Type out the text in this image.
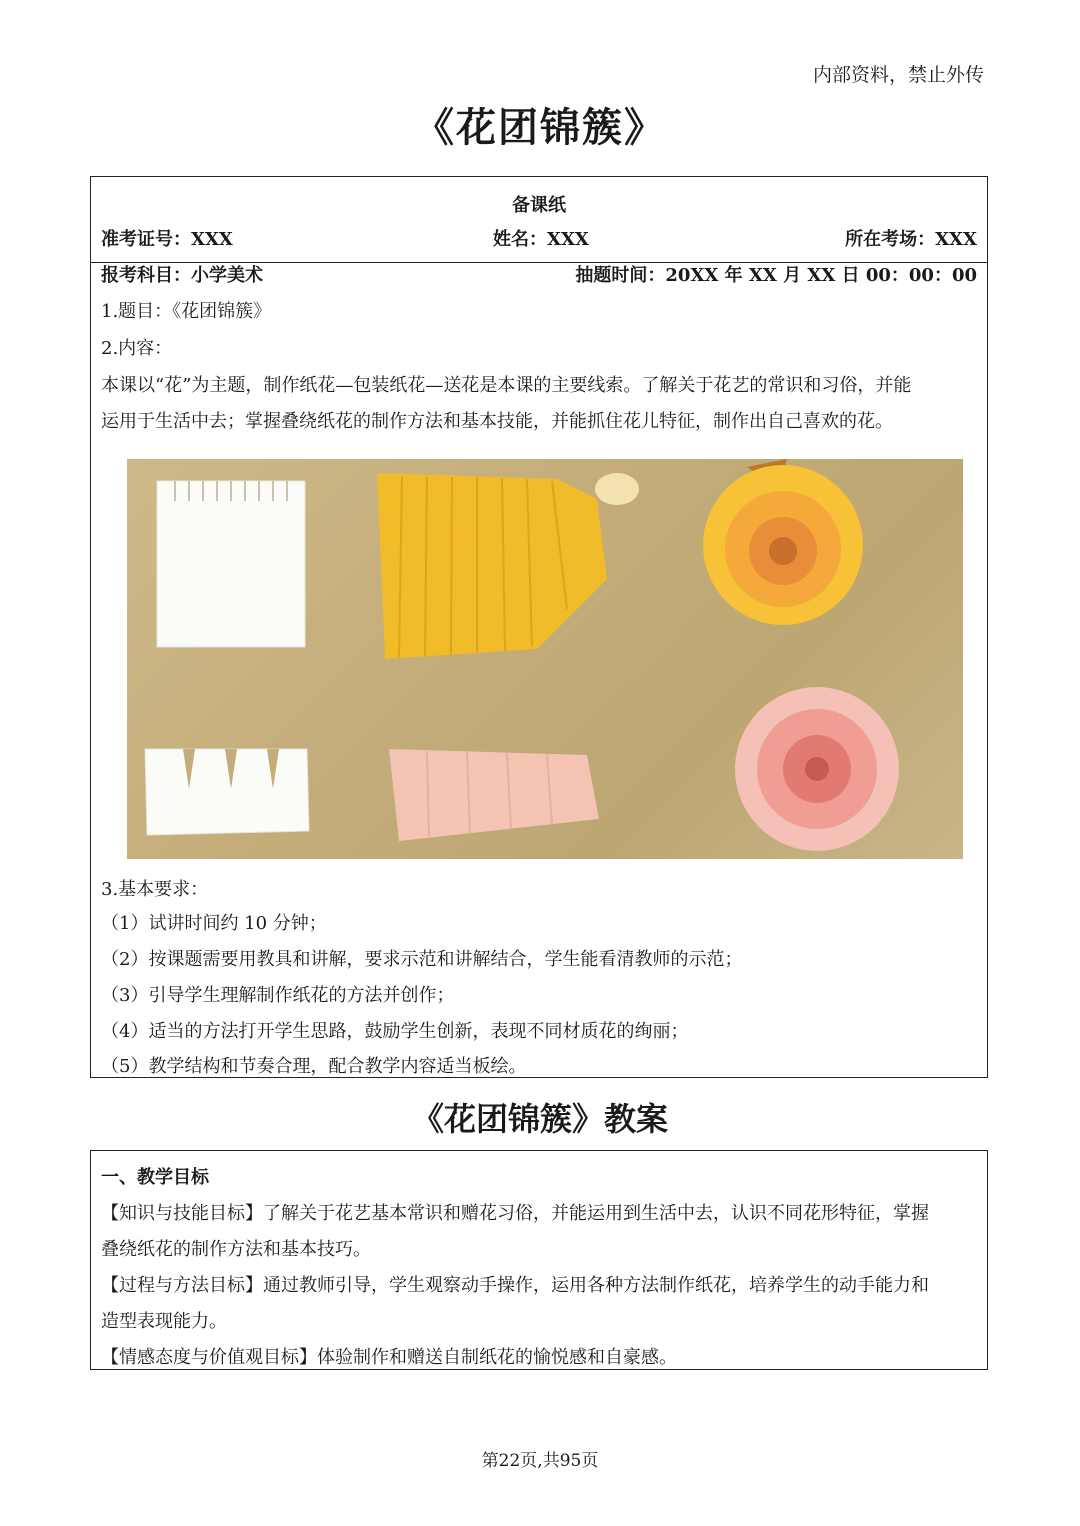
内部资料，禁止外传
《花团锦簇》
备课纸
准考证号：XXX	姓名：XXX	所在考场：XXX
报考科目：小学美术	抽题时间：20XX 年 XX 月 XX 日 00：00：00
1.题目：《花团锦簇》
2.内容：
本课以“花”为主题，制作纸花—包装纸花—送花是本课的主要线索。了解关于花艺的常识和习俗，并能
运用于生活中去；掌握叠绕纸花的制作方法和基本技能，并能抓住花儿特征，制作出自己喜欢的花。
3.基本要求：
（1）试讲时间约 10 分钟；
（2）按课题需要用教具和讲解，要求示范和讲解结合，学生能看清教师的示范；
（3）引导学生理解制作纸花的方法并创作；
（4）适当的方法打开学生思路，鼓励学生创新，表现不同材质花的绚丽；
（5）教学结构和节奏合理，配合教学内容适当板绘。
《花团锦簇》教案
一、教学目标
【知识与技能目标】了解关于花艺基本常识和赠花习俗，并能运用到生活中去，认识不同花形特征，掌握
叠绕纸花的制作方法和基本技巧。
【过程与方法目标】通过教师引导，学生观察动手操作，运用各种方法制作纸花，培养学生的动手能力和
造型表现能力。
【情感态度与价值观目标】体验制作和赠送自制纸花的愉悦感和自豪感。
第22页,共95页
